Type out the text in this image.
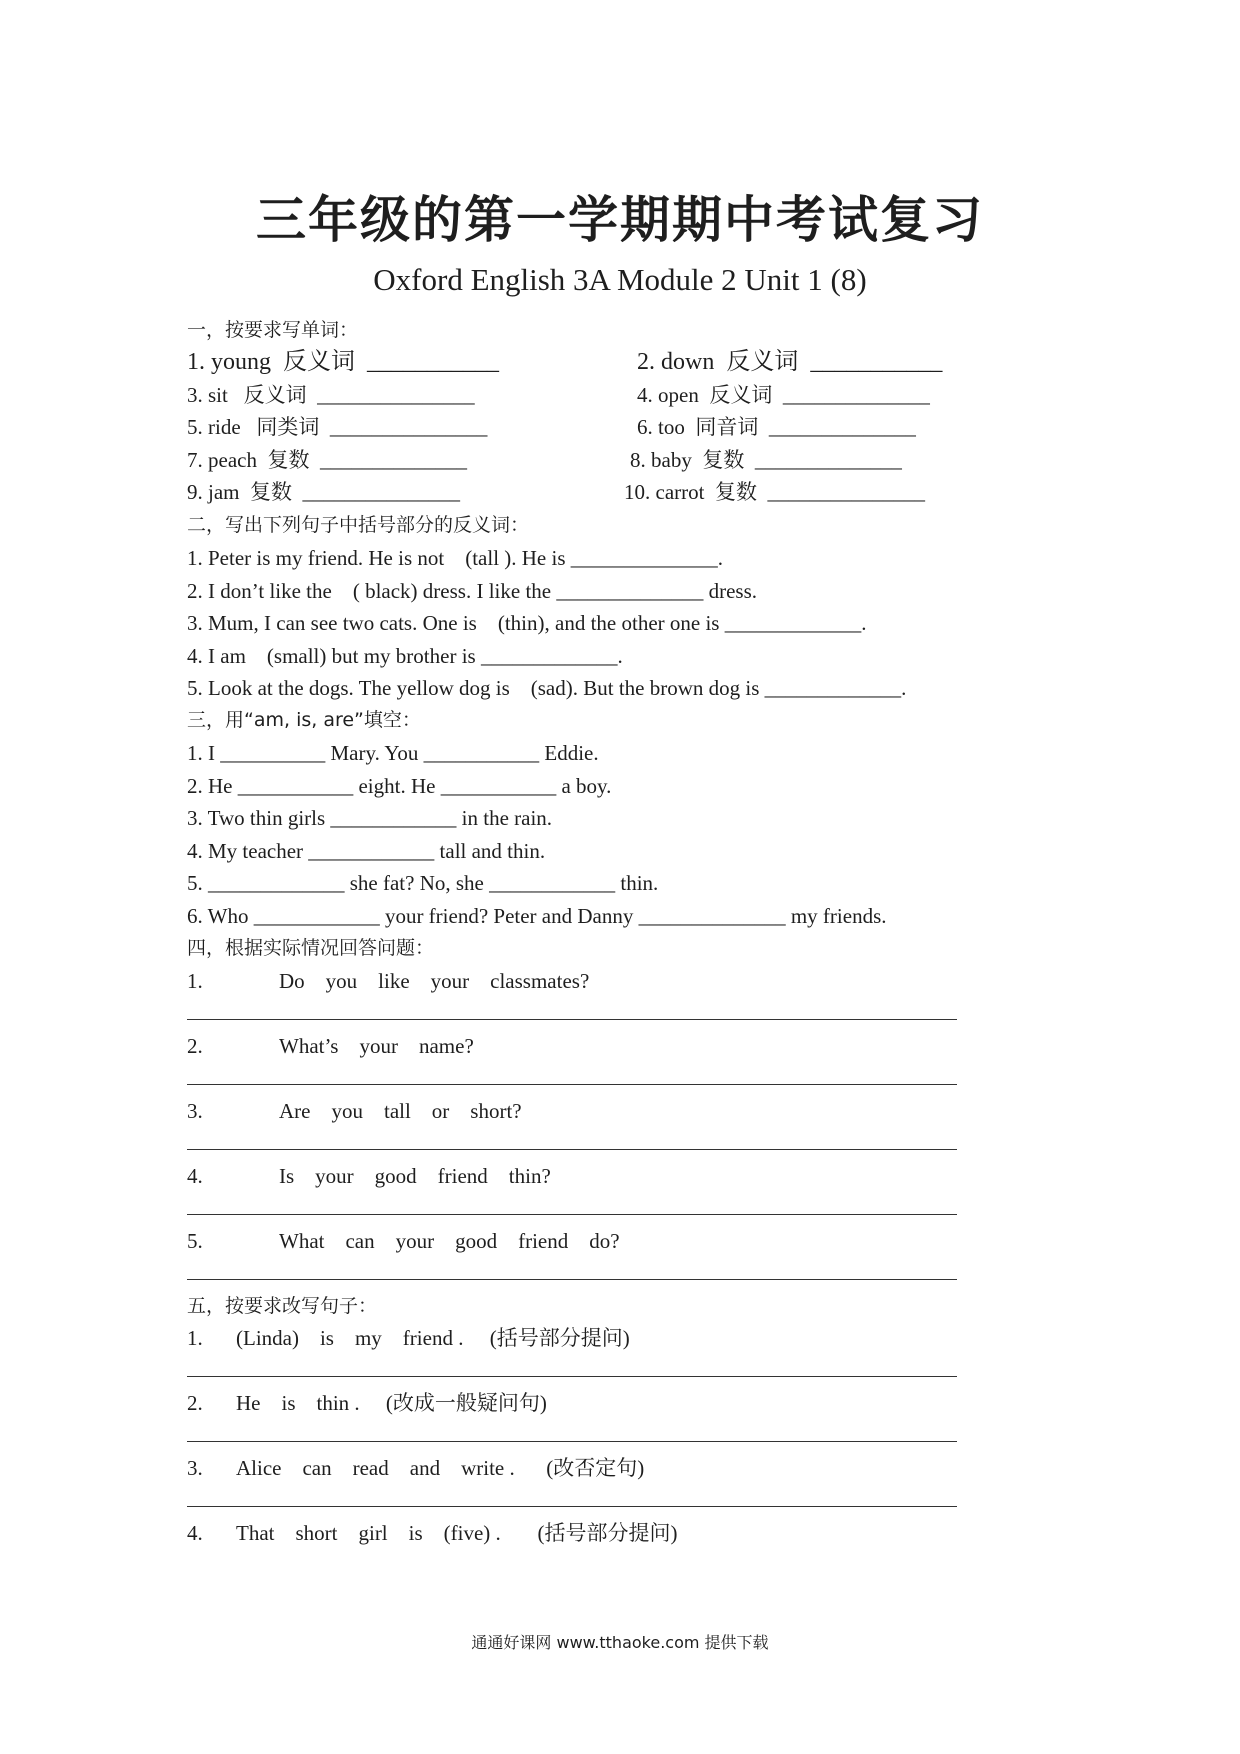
三年级的第一学期期中考试复习
Oxford English 3A Module 2 Unit 1 (8)
一，按要求写单词：
1. young  反义词  ___________	2. down  反义词  ___________
3. sit   反义词  _______________	4. open  反义词  ______________
5. ride   同类词  _______________	6. too  同音词  ______________
7. peach  复数  ______________	8. baby  复数  ______________
9. jam  复数  _______________	10. carrot  复数  _______________
二，写出下列句子中括号部分的反义词：
1. Peter is my friend. He is not    (tall ). He is ______________.
2. I don’t like the    ( black) dress. I like the ______________ dress.
3. Mum, I can see two cats. One is    (thin), and the other one is _____________.
4. I am    (small) but my brother is _____________.
5. Look at the dogs. The yellow dog is    (sad). But the brown dog is _____________.
三，用“am, is, are”填空：
1. I __________ Mary. You ___________ Eddie.
2. He ___________ eight. He ___________ a boy.
3. Two thin girls ____________ in the rain.
4. My teacher ____________ tall and thin.
5. _____________ she fat? No, she ____________ thin.
6. Who ____________ your friend? Peter and Danny ______________ my friends.
四，根据实际情况回答问题：
1.	Do    you    like    your    classmates?
2.	What’s    your    name?
3.	Are    you    tall    or    short?
4.	Is    your    good    friend    thin?
5.	What    can    your    good    friend    do?
五，按要求改写句子：
1. (Linda)    is    my    friend .     (括号部分提问)
2. He    is    thin .     (改成一般疑问句)
3. Alice    can    read    and    write .      (改否定句)
4. That    short    girl    is    (five) .       (括号部分提问)
通通好课网 www.tthaoke.com 提供下载
